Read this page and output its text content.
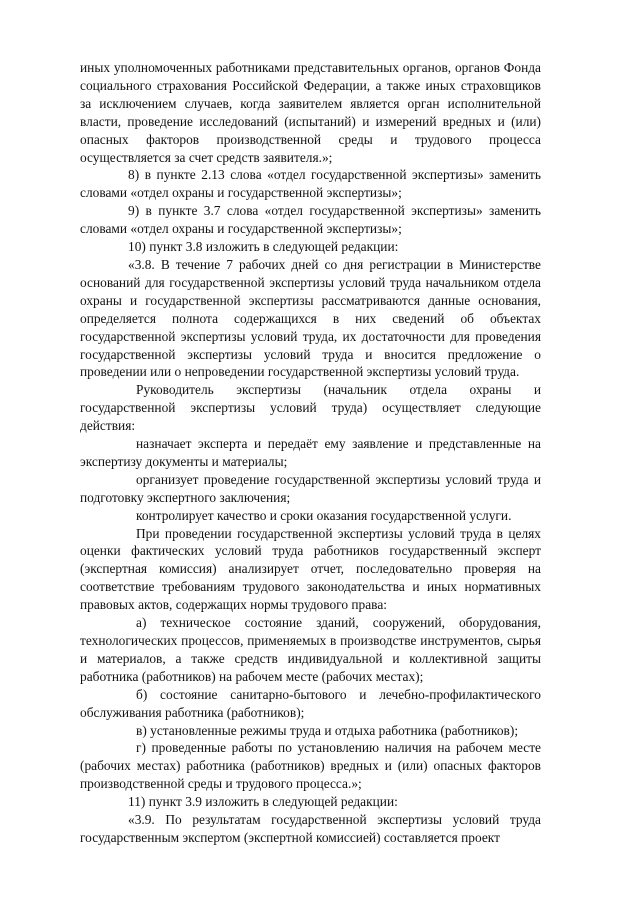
иных уполномоченных работниками представительных органов, органов Фонда социального страхования Российской Федерации, а также иных страховщиков за исключением случаев, когда заявителем является орган исполнительной власти, проведение исследований (испытаний) и измерений вредных и (или) опасных факторов производственной среды и трудового процесса осуществляется за счет средств заявителя.»;

8) в пункте 2.13 слова «отдел государственной экспертизы» заменить словами «отдел охраны и государственной экспертизы»;

9) в пункте 3.7 слова «отдел государственной экспертизы» заменить словами «отдел охраны и государственной экспертизы»;

10) пункт 3.8 изложить в следующей редакции:

«3.8. В течение 7 рабочих дней со дня регистрации в Министерстве оснований для государственной экспертизы условий труда начальником отдела охраны и государственной экспертизы рассматриваются данные основания, определяется полнота содержащихся в них сведений об объектах государственной экспертизы условий труда, их достаточности для проведения государственной экспертизы условий труда и вносится предложение о проведении или о непроведении государственной экспертизы условий труда.

Руководитель экспертизы (начальник отдела охраны и государственной экспертизы условий труда) осуществляет следующие действия:

назначает эксперта и передаёт ему заявление и представленные на экспертизу документы и материалы;

организует проведение государственной экспертизы условий труда и подготовку экспертного заключения;

контролирует качество и сроки оказания государственной услуги.

При проведении государственной экспертизы условий труда в целях оценки фактических условий труда работников государственный эксперт (экспертная комиссия) анализирует отчет, последовательно проверяя на соответствие требованиям трудового законодательства и иных нормативных правовых актов, содержащих нормы трудового права:

а) техническое состояние зданий, сооружений, оборудования, технологических процессов, применяемых в производстве инструментов, сырья и материалов, а также средств индивидуальной и коллективной защиты работника (работников) на рабочем месте (рабочих местах);

б) состояние санитарно-бытового и лечебно-профилактического обслуживания работника (работников);

в) установленные режимы труда и отдыха работника (работников);

г) проведенные работы по установлению наличия на рабочем месте (рабочих местах) работника (работников) вредных и (или) опасных факторов производственной среды и трудового процесса.»;

11) пункт 3.9 изложить в следующей редакции:

«3.9. По результатам государственной экспертизы условий труда государственным экспертом (экспертной комиссией) составляется проект
